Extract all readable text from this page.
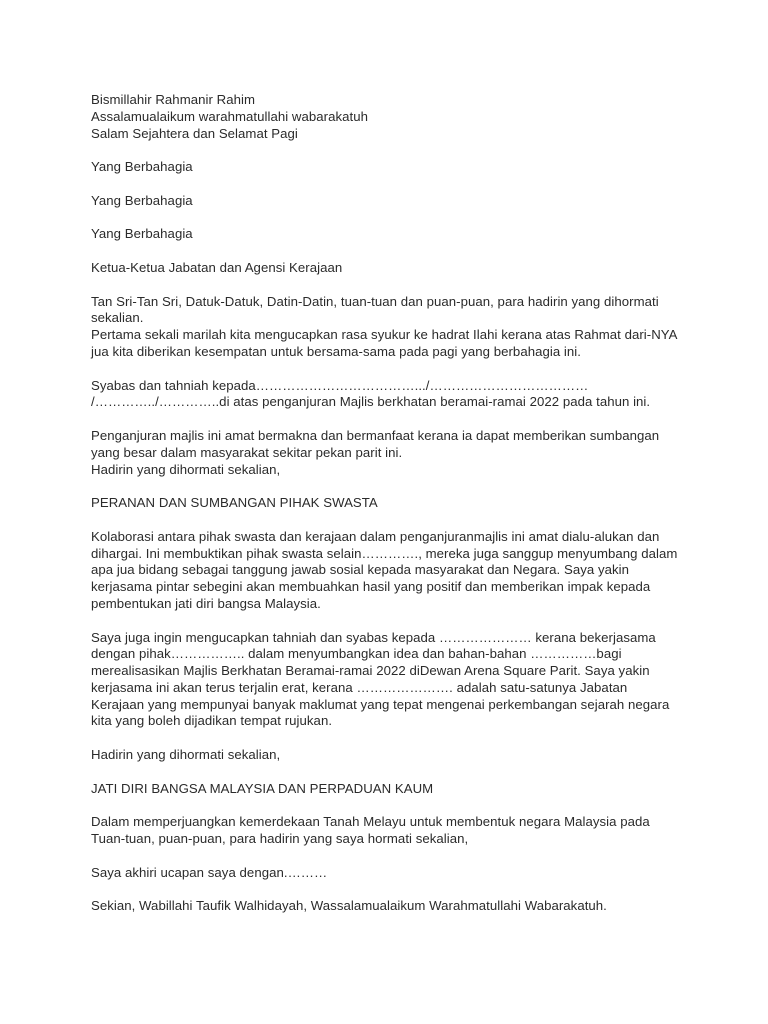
Bismillahir Rahmanir Rahim

Assalamualaikum warahmatullahi wabarakatuh

Salam Sejahtera dan Selamat Pagi

Yang Berbahagia

Yang Berbahagia

Yang Berbahagia

Ketua-Ketua Jabatan dan Agensi Kerajaan

Tan Sri-Tan Sri, Datuk-Datuk, Datin-Datin, tuan-tuan dan puan-puan, para hadirin yang dihormati

sekalian.

Pertama sekali marilah kita mengucapkan rasa syukur ke hadrat Ilahi kerana atas Rahmat dari-NYA

jua kita diberikan kesempatan untuk bersama-sama pada pagi yang berbahagia ini.

Syabas dan tahniah kepada……………………………….../………………………………

/…………../…………..di atas penganjuran Majlis berkhatan beramai-ramai 2022 pada tahun ini.

Penganjuran majlis ini amat bermakna dan bermanfaat kerana ia dapat memberikan sumbangan

yang besar dalam masyarakat sekitar pekan parit ini.

Hadirin yang dihormati sekalian,

PERANAN DAN SUMBANGAN PIHAK SWASTA

Kolaborasi antara pihak swasta dan kerajaan dalam penganjuranmajlis ini amat dialu-alukan dan

dihargai. Ini membuktikan pihak swasta selain…………., mereka juga sanggup menyumbang dalam

apa jua bidang sebagai tanggung jawab sosial kepada masyarakat dan Negara. Saya yakin

kerjasama pintar sebegini akan membuahkan hasil yang positif dan memberikan impak kepada

pembentukan jati diri bangsa Malaysia.

Saya juga ingin mengucapkan tahniah dan syabas kepada ………………… kerana bekerjasama

dengan pihak…………….. dalam menyumbangkan idea dan bahan-bahan ……………bagi

merealisasikan Majlis Berkhatan Beramai-ramai 2022 diDewan Arena Square Parit. Saya yakin

kerjasama ini akan terus terjalin erat, kerana …………………. adalah satu-satunya Jabatan

Kerajaan yang mempunyai banyak maklumat yang tepat mengenai perkembangan sejarah negara

kita yang boleh dijadikan tempat rujukan.

Hadirin yang dihormati sekalian,

JATI DIRI BANGSA MALAYSIA DAN PERPADUAN KAUM

Dalam memperjuangkan kemerdekaan Tanah Melayu untuk membentuk negara Malaysia pada

Tuan-tuan, puan-puan, para hadirin yang saya hormati sekalian,

Saya akhiri ucapan saya dengan.………

Sekian, Wabillahi Taufik Walhidayah, Wassalamualaikum Warahmatullahi Wabarakatuh.
